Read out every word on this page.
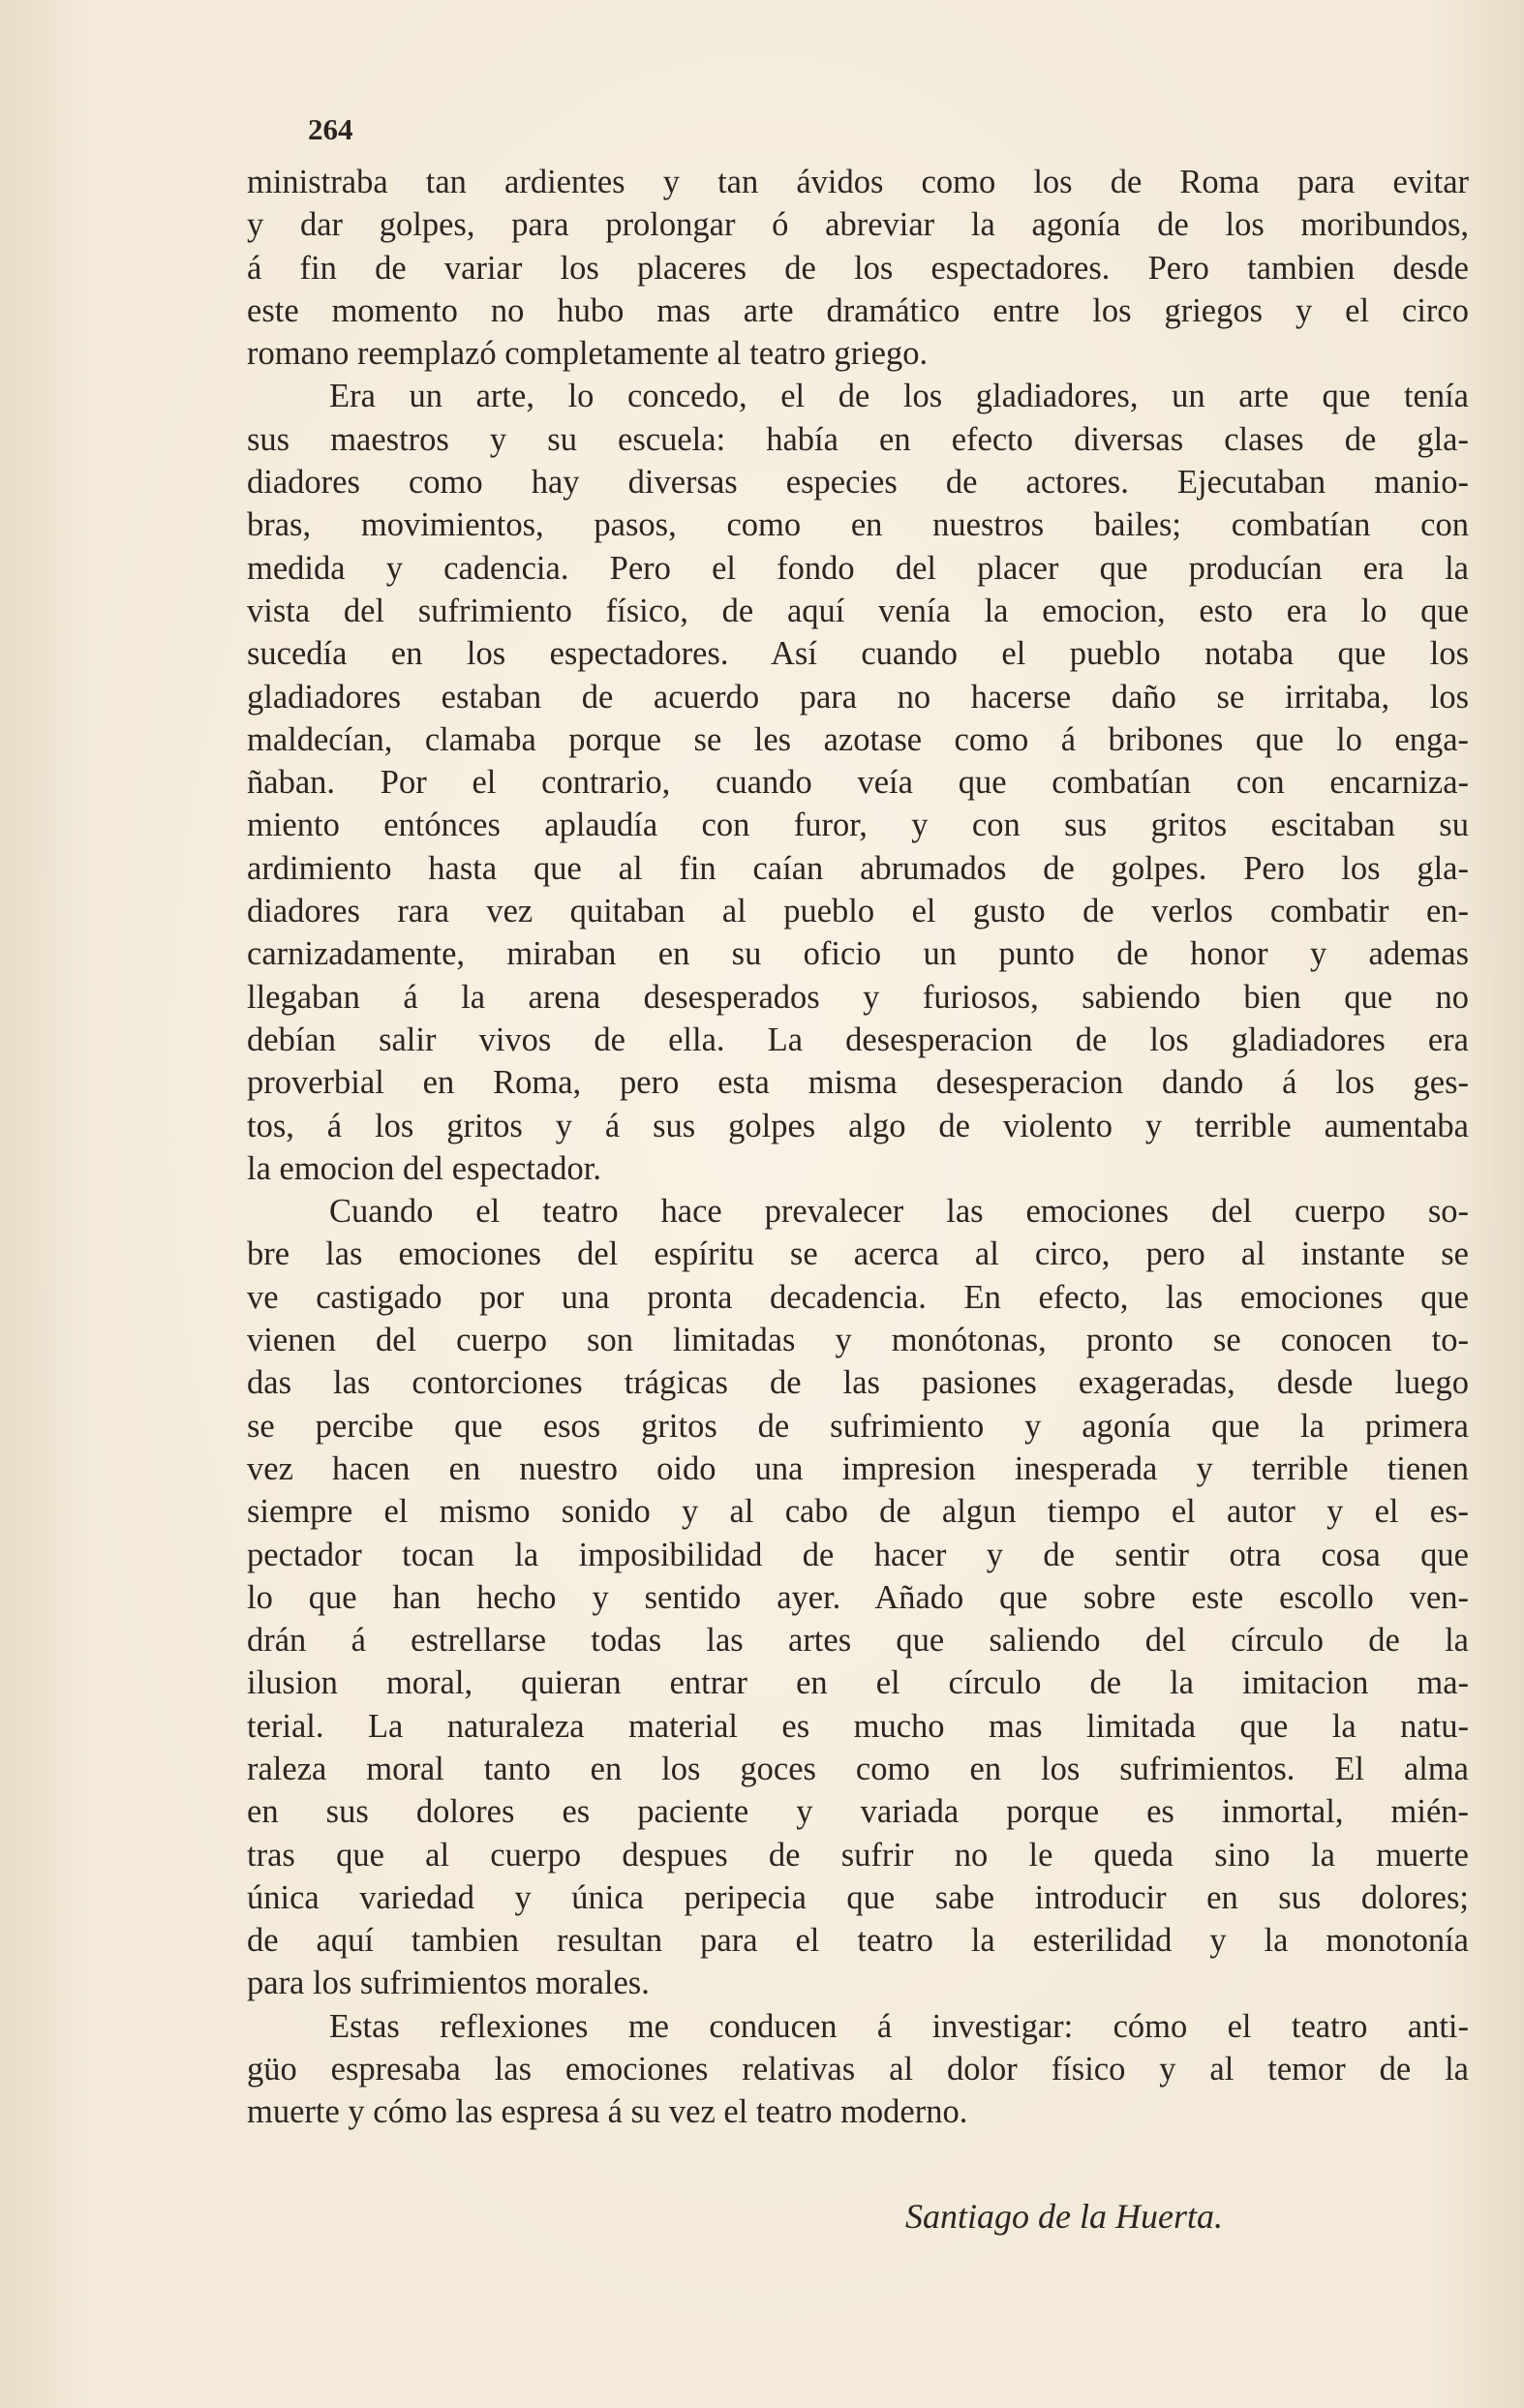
264
ministraba tan ardientes y tan ávidos como los de Roma para evitar
y dar golpes, para prolongar ó abreviar la agonía de los moribundos,
á fin de variar los placeres de los espectadores. Pero tambien desde
este momento no hubo mas arte dramático entre los griegos y el circo
romano reemplazó completamente al teatro griego.
Era un arte, lo concedo, el de los gladiadores, un arte que tenía
sus maestros y su escuela: había en efecto diversas clases de gla-
diadores como hay diversas especies de actores. Ejecutaban manio-
bras, movimientos, pasos, como en nuestros bailes; combatían con
medida y cadencia. Pero el fondo del placer que producían era la
vista del sufrimiento físico, de aquí venía la emocion, esto era lo que
sucedía en los espectadores. Así cuando el pueblo notaba que los
gladiadores estaban de acuerdo para no hacerse daño se irritaba, los
maldecían, clamaba porque se les azotase como á bribones que lo enga-
ñaban. Por el contrario, cuando veía que combatían con encarniza-
miento entónces aplaudía con furor, y con sus gritos escitaban su
ardimiento hasta que al fin caían abrumados de golpes. Pero los gla-
diadores rara vez quitaban al pueblo el gusto de verlos combatir en-
carnizadamente, miraban en su oficio un punto de honor y ademas
llegaban á la arena desesperados y furiosos, sabiendo bien que no
debían salir vivos de ella. La desesperacion de los gladiadores era
proverbial en Roma, pero esta misma desesperacion dando á los ges-
tos, á los gritos y á sus golpes algo de violento y terrible aumentaba
la emocion del espectador.
Cuando el teatro hace prevalecer las emociones del cuerpo so-
bre las emociones del espíritu se acerca al circo, pero al instante se
ve castigado por una pronta decadencia. En efecto, las emociones que
vienen del cuerpo son limitadas y monótonas, pronto se conocen to-
das las contorciones trágicas de las pasiones exageradas, desde luego
se percibe que esos gritos de sufrimiento y agonía que la primera
vez hacen en nuestro oido una impresion inesperada y terrible tienen
siempre el mismo sonido y al cabo de algun tiempo el autor y el es-
pectador tocan la imposibilidad de hacer y de sentir otra cosa que
lo que han hecho y sentido ayer. Añado que sobre este escollo ven-
drán á estrellarse todas las artes que saliendo del círculo de la
ilusion moral, quieran entrar en el círculo de la imitacion ma-
terial. La naturaleza material es mucho mas limitada que la natu-
raleza moral tanto en los goces como en los sufrimientos. El alma
en sus dolores es paciente y variada porque es inmortal, mién-
tras que al cuerpo despues de sufrir no le queda sino la muerte
única variedad y única peripecia que sabe introducir en sus dolores;
de aquí tambien resultan para el teatro la esterilidad y la monotonía
para los sufrimientos morales.
Estas reflexiones me conducen á investigar: cómo el teatro anti-
güo espresaba las emociones relativas al dolor físico y al temor de la
muerte y cómo las espresa á su vez el teatro moderno.
Santiago de la Huerta.
